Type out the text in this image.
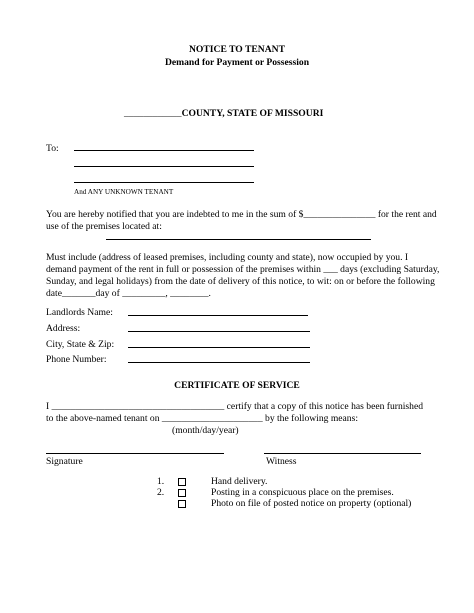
NOTICE TO TENANT
Demand for Payment or Possession
____________COUNTY, STATE OF MISSOURI
To:
And ANY UNKNOWN TENANT
You are hereby notified that you are indebted to me in the sum of $_______________ for the rent and
use of the premises located at:
Must include (address of leased premises, including county and state), now occupied by you. I
demand payment of the rent in full or possession of the premises within ___ days (excluding Saturday,
Sunday, and legal holidays) from the date of delivery of this notice, to wit: on or before the following
date_______day of _________, ________.
Landlords Name:
Address:
City, State & Zip:
Phone Number:
CERTIFICATE OF SERVICE
I ____________________________________ certify that a copy of this notice has been furnished
to the above-named tenant on _____________________ by the following means:
(month/day/year)
Signature	Witness
1.	Hand delivery.
2.	Posting in a conspicuous place on the premises.
Photo on file of posted notice on property (optional)
